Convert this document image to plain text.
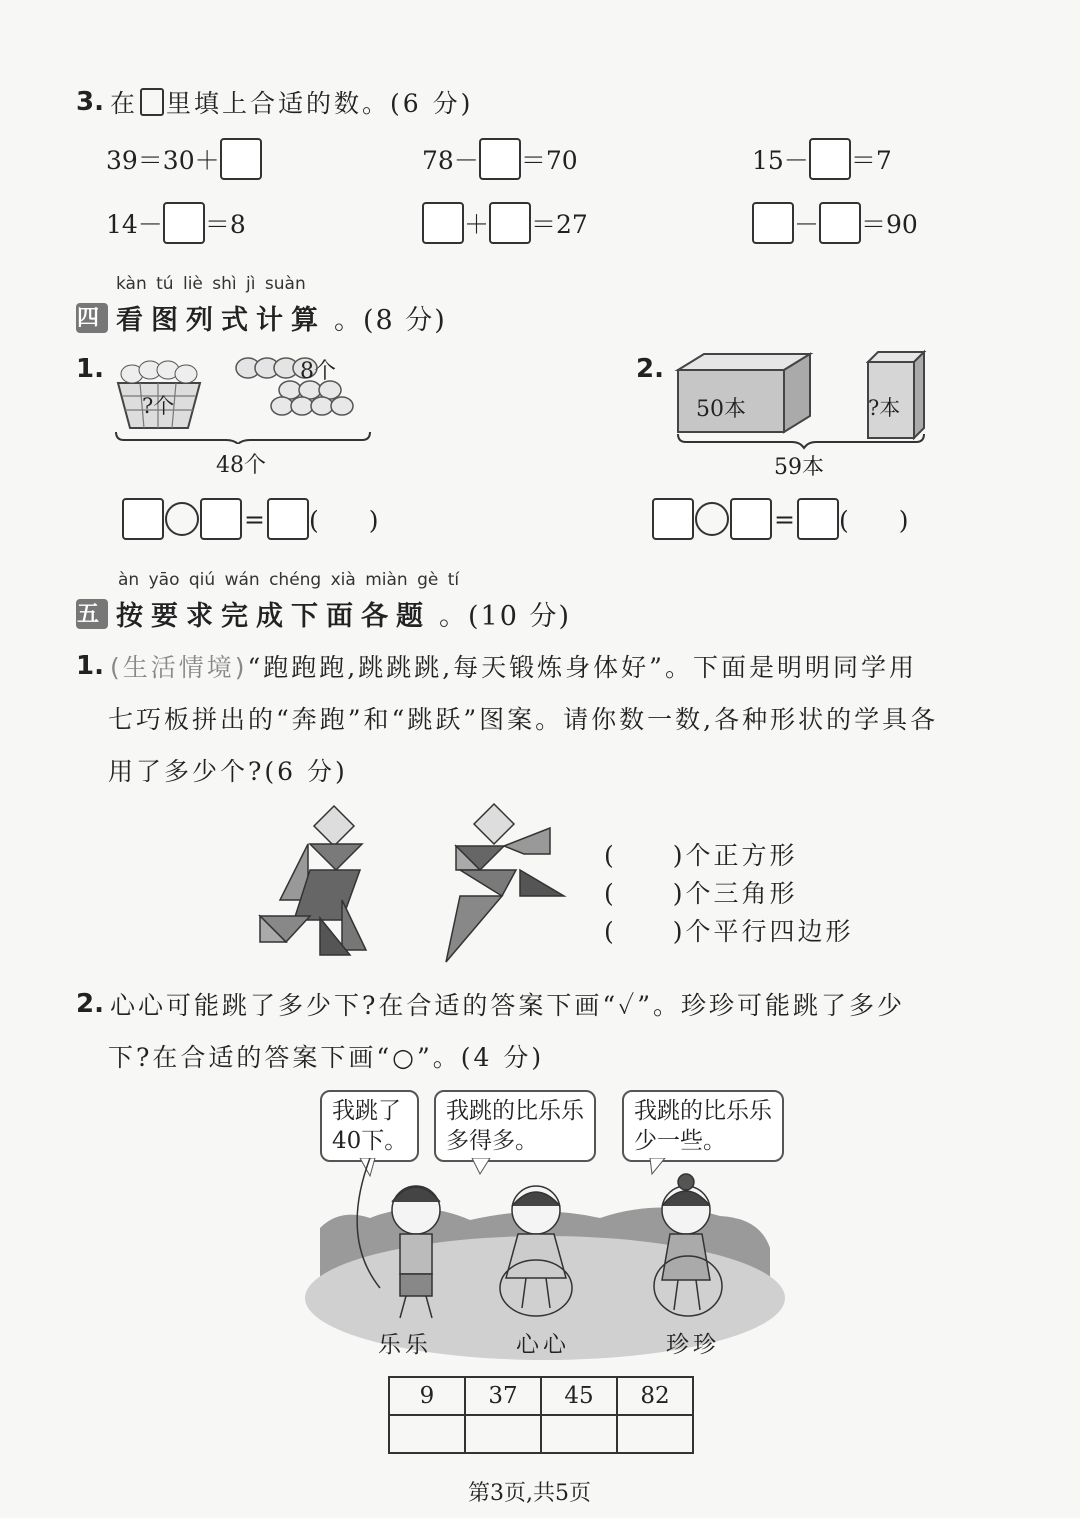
3. 在 里填上合适的数。(6 分)
39＝30＋	78－ ＝70	15－ ＝7
14－ ＝8	＋ ＝27	－ ＝90
kàn tú liè shì jì suàn
四 看图列式计算 。(8 分)
1.
?个
8个
48个
= (　　)
2.
50本	?本
59本
= (　　)
àn yāo qiú wán chéng xià miàn gè tí
五 按要求完成下面各题 。(10 分)
1. (生活情境) “跑跑跑,跳跳跳,每天锻炼身体好”。下面是明明同学用
七巧板拼出的“奔跑”和“跳跃”图案。请你数一数,各种形状的学具各
用了多少个?(6 分)
(　　)个正方形
(　　)个三角形
(　　)个平行四边形
2. 心心可能跳了多少下?在合适的答案下画“✓”。珍珍可能跳了多少
下?在合适的答案下画“○”。(4 分)
我跳了
40下。
我跳的比乐乐
多得多。
我跳的比乐乐
少一些。
乐乐	心心	珍珍
9	37	45	82

第3页,共5页
